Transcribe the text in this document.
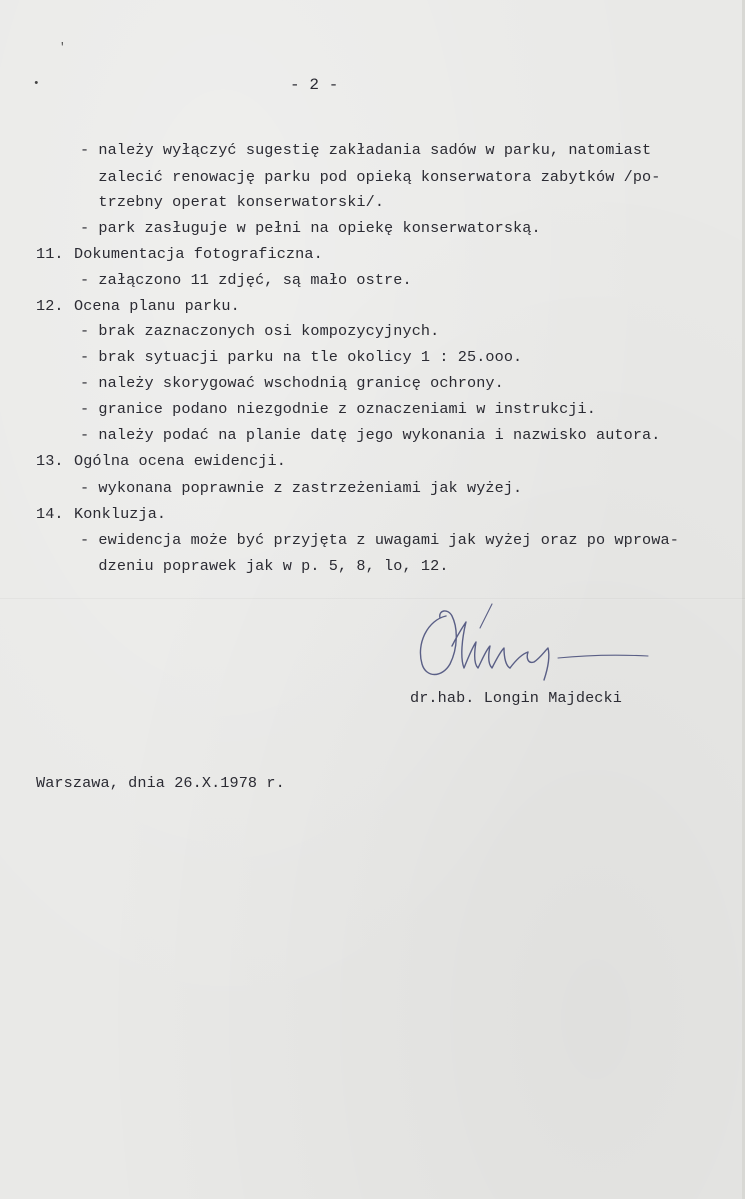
'
•	- 2 -
- należy wyłączyć sugestię zakładania sadów w parku, natomiast
zalecić renowację parku pod opieką konserwatora zabytków /po-
trzebny operat konserwatorski/.
- park zasługuje w pełni na opiekę konserwatorską.
11. Dokumentacja fotograficzna.
- załączono 11 zdjęć, są mało ostre.
12. Ocena planu parku.
- brak zaznaczonych osi kompozycyjnych.
- brak sytuacji parku na tle okolicy 1 : 25.ooo.
- należy skorygować wschodnią granicę ochrony.
- granice podano niezgodnie z oznaczeniami w instrukcji.
- należy podać na planie datę jego wykonania i nazwisko autora.
13. Ogólna ocena ewidencji.
- wykonana poprawnie z zastrzeżeniami jak wyżej.
14. Konkluzja.
- ewidencja może być przyjęta z uwagami jak wyżej oraz po wprowa-
dzeniu poprawek jak w p. 5, 8, lo, 12.
dr.hab. Longin Majdecki
Warszawa, dnia 26.X.1978 r.
